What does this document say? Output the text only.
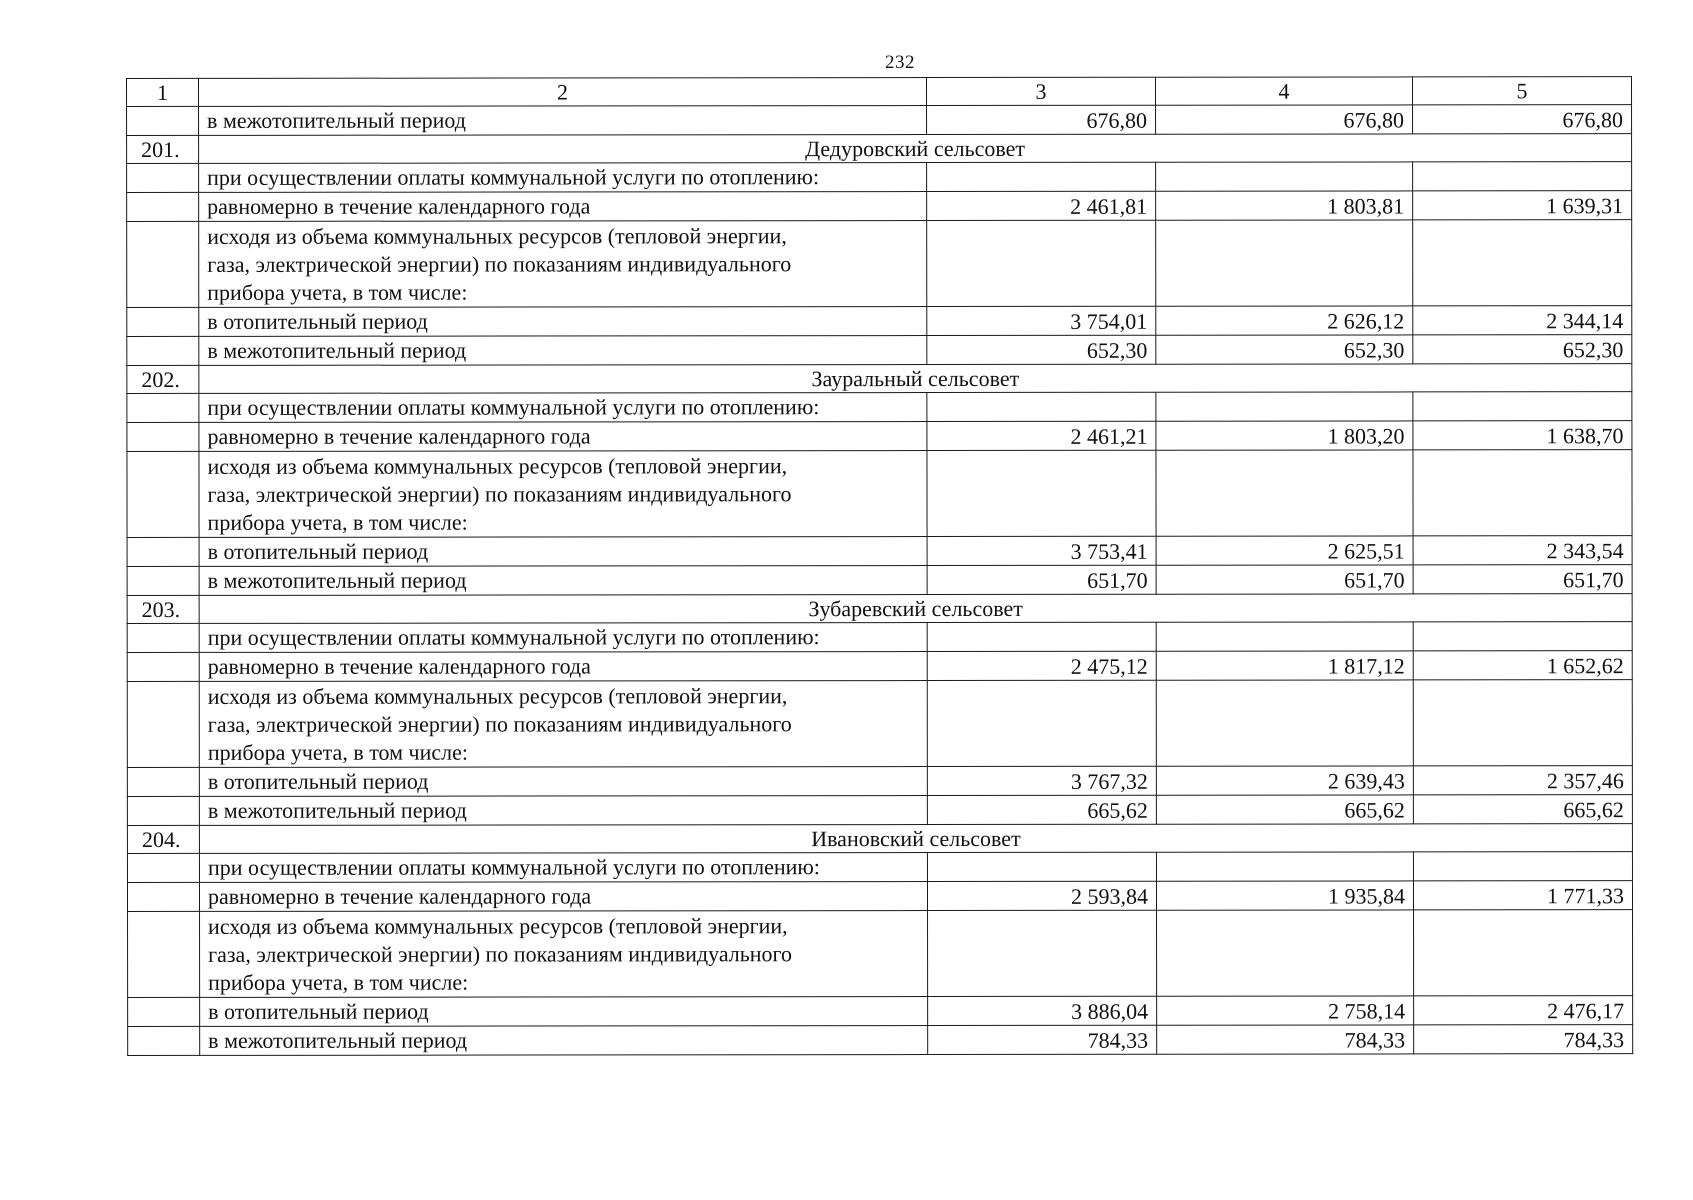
232
1	2	3	4	5
	в межотопительный период	676,80	676,80	676,80
201.	Дедуровский сельсовет			
	при осуществлении оплаты коммунальной услуги по отоплению:			
	равномерно в течение календарного года	2 461,81	1 803,81	1 639,31

	исходя из объема коммунальных ресурсов (тепловой энергии,
газа, электрической энергии) по показаниям индивидуального
прибора учета, в том числе:			

	в отопительный период	3 754,01	2 626,12	2 344,14
	в межотопительный период	652,30	652,30	652,30
202.	Зауральный сельсовет			
	при осуществлении оплаты коммунальной услуги по отоплению:			
	равномерно в течение календарного года	2 461,21	1 803,20	1 638,70

	исходя из объема коммунальных ресурсов (тепловой энергии,
газа, электрической энергии) по показаниям индивидуального
прибора учета, в том числе:			

	в отопительный период	3 753,41	2 625,51	2 343,54
	в межотопительный период	651,70	651,70	651,70
203.	Зубаревский сельсовет			
	при осуществлении оплаты коммунальной услуги по отоплению:			
	равномерно в течение календарного года	2 475,12	1 817,12	1 652,62

	исходя из объема коммунальных ресурсов (тепловой энергии,
газа, электрической энергии) по показаниям индивидуального
прибора учета, в том числе:			

	в отопительный период	3 767,32	2 639,43	2 357,46
	в межотопительный период	665,62	665,62	665,62
204.	Ивановский сельсовет			
	при осуществлении оплаты коммунальной услуги по отоплению:			
	равномерно в течение календарного года	2 593,84	1 935,84	1 771,33

	исходя из объема коммунальных ресурсов (тепловой энергии,
газа, электрической энергии) по показаниям индивидуального
прибора учета, в том числе:			

	в отопительный период	3 886,04	2 758,14	2 476,17
	в межотопительный период	784,33	784,33	784,33
